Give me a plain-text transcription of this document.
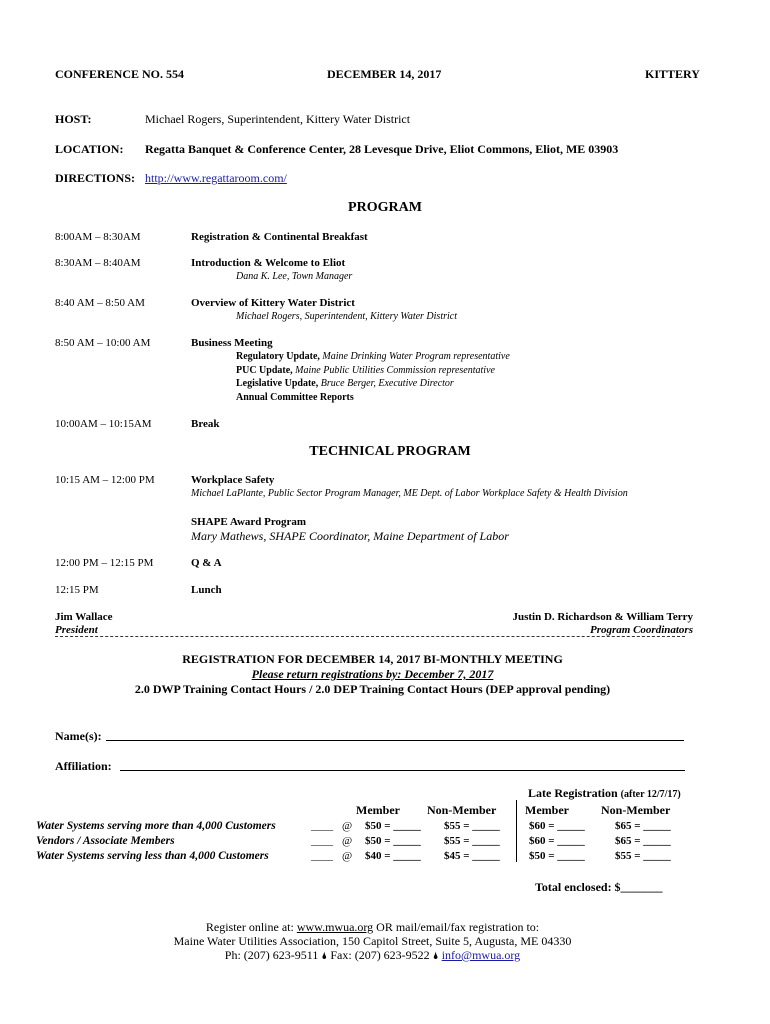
CONFERENCE NO. 554	DECEMBER 14, 2017	KITTERY
HOST:	Michael Rogers, Superintendent, Kittery Water District
LOCATION: Regatta Banquet & Conference Center, 28 Levesque Drive, Eliot Commons, Eliot, ME 03903
DIRECTIONS: http://www.regattaroom.com/
PROGRAM
8:00AM – 8:30AM	Registration & Continental Breakfast
8:30AM – 8:40AM	Introduction & Welcome to Eliot
Dana K. Lee, Town Manager
8:40 AM – 8:50 AM	Overview of Kittery Water District
Michael Rogers, Superintendent, Kittery Water District
8:50 AM – 10:00 AM	Business Meeting
Regulatory Update, Maine Drinking Water Program representative
PUC Update, Maine Public Utilities Commission representative
Legislative Update, Bruce Berger, Executive Director
Annual Committee Reports
10:00AM – 10:15AM	Break
TECHNICAL PROGRAM
10:15 AM – 12:00 PM	Workplace Safety
Michael LaPlante, Public Sector Program Manager, ME Dept. of Labor Workplace Safety & Health Division
SHAPE Award Program
Mary Mathews, SHAPE Coordinator, Maine Department of Labor
12:00 PM – 12:15 PM	Q & A
12:15 PM	Lunch
Jim Wallace
President
Justin D. Richardson & William Terry
Program Coordinators
REGISTRATION FOR DECEMBER 14, 2017 BI-MONTHLY MEETING
Please return registrations by: December 7, 2017
2.0 DWP Training Contact Hours / 2.0 DEP Training Contact Hours (DEP approval pending)
Name(s):
Affiliation:
Late Registration (after 12/7/17)
Member Non-Member Member	Non-Member
Water Systems serving more than 4,000 Customers	____ @ $50 = _____ $55 = _____	$60 = _____	$65 = _____
Vendors / Associate Members	____ @ $50 = _____ $55 = _____	$60 = _____	$65 = _____
Water Systems serving less than 4,000 Customers	____ @ $40 = _____ $45 = _____	$50 = _____	$55 = _____
Total enclosed: $_______
Register online at: www.mwua.org OR mail/email/fax registration to:
Maine Water Utilities Association, 150 Capitol Street, Suite 5, Augusta, ME 04330
Ph: (207) 623-9511 🌢 Fax: (207) 623-9522 🌢 info@mwua.org
